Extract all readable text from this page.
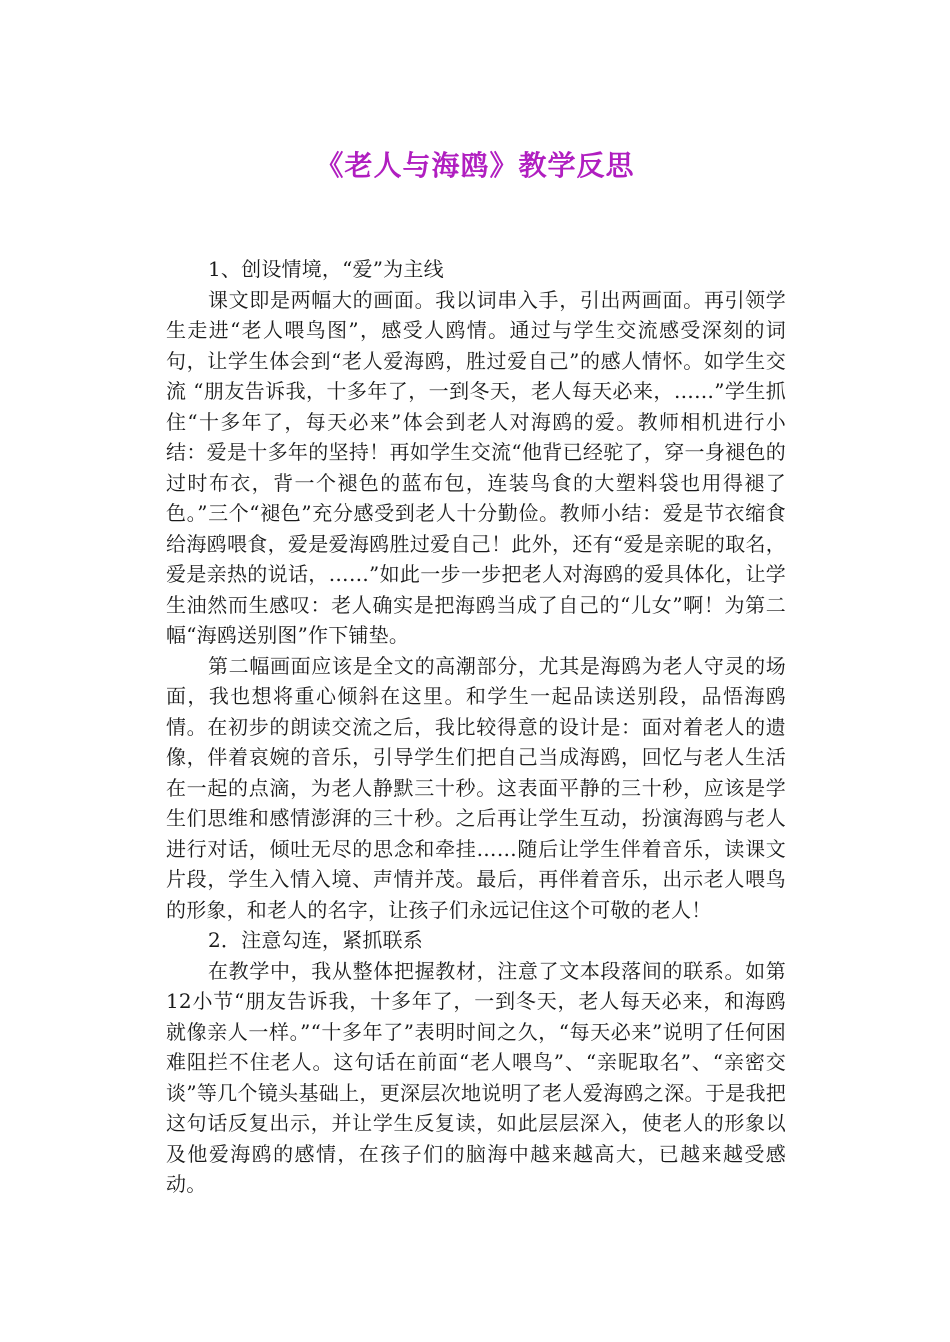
《老人与海鸥》教学反思

1、创设情境，“爱”为主线

课文即是两幅大的画面。我以词串入手，引出两画面。再引领学生走进“老人喂鸟图”，感受人鸥情。通过与学生交流感受深刻的词句，让学生体会到“老人爱海鸥，胜过爱自己”的感人情怀。如学生交流 “朋友告诉我，十多年了，一到冬天，老人每天必来，……”学生抓住“十多年了，每天必来”体会到老人对海鸥的爱。教师相机进行小结：爱是十多年的坚持！再如学生交流“他背已经驼了，穿一身褪色的过时布衣，背一个褪色的蓝布包，连装鸟食的大塑料袋也用得褪了色。”三个“褪色”充分感受到老人十分勤俭。教师小结：爱是节衣缩食给海鸥喂食，爱是爱海鸥胜过爱自己！此外，还有“爱是亲昵的取名，爱是亲热的说话，……”如此一步一步把老人对海鸥的爱具体化，让学生油然而生感叹：老人确实是把海鸥当成了自己的“儿女”啊！为第二幅“海鸥送别图”作下铺垫。

第二幅画面应该是全文的高潮部分，尤其是海鸥为老人守灵的场面，我也想将重心倾斜在这里。和学生一起品读送别段，品悟海鸥情。在初步的朗读交流之后，我比较得意的设计是：面对着老人的遗像，伴着哀婉的音乐，引导学生们把自己当成海鸥，回忆与老人生活在一起的点滴，为老人静默三十秒。这表面平静的三十秒，应该是学生们思维和感情澎湃的三十秒。之后再让学生互动，扮演海鸥与老人进行对话，倾吐无尽的思念和牵挂……随后让学生伴着音乐，读课文片段，学生入情入境、声情并茂。最后，再伴着音乐，出示老人喂鸟的形象，和老人的名字，让孩子们永远记住这个可敬的老人！

2．注意勾连，紧抓联系

在教学中，我从整体把握教材，注意了文本段落间的联系。如第12小节“朋友告诉我，十多年了，一到冬天，老人每天必来，和海鸥就像亲人一样。”“十多年了”表明时间之久，“每天必来”说明了任何困难阻拦不住老人。这句话在前面“老人喂鸟”、“亲昵取名”、“亲密交谈”等几个镜头基础上，更深层次地说明了老人爱海鸥之深。于是我把这句话反复出示，并让学生反复读，如此层层深入，使老人的形象以及他爱海鸥的感情，在孩子们的脑海中越来越高大，已越来越受感动。
